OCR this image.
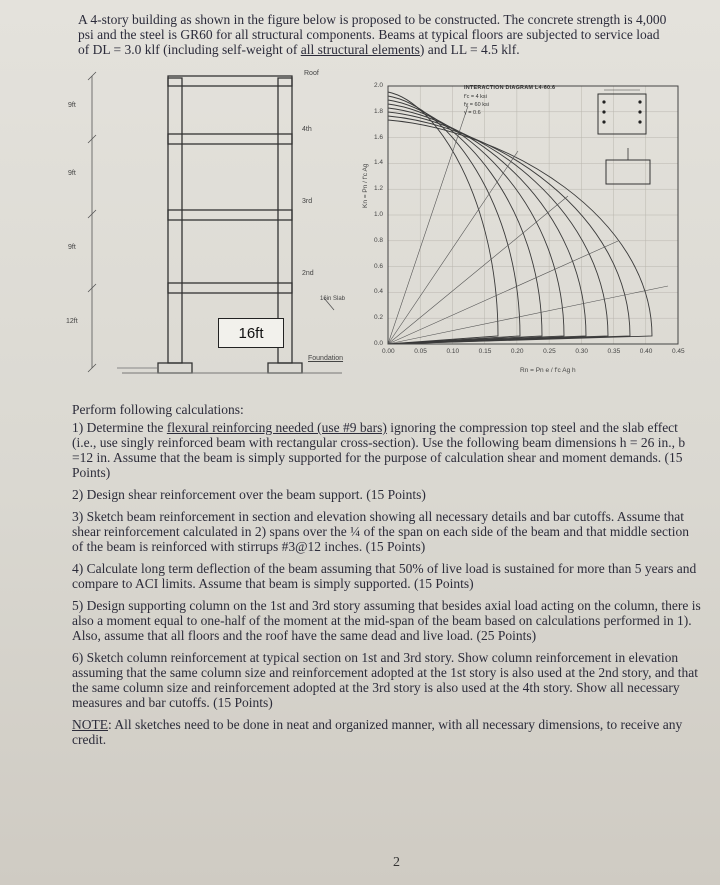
A 4-story building as shown in the figure below is proposed to be constructed. The concrete strength is 4,000 psi and the steel is GR60 for all structural components. Beams at typical floors are subjected to service load of DL = 3.0 klf (including self-weight of all structural elements) and LL = 4.5 klf.
9ft
9ft
9ft
12ft
Roof
4th
3rd
2nd
16in Slab
Foundation
16ft
INTERACTION DIAGRAM L4-60.6
f'c = 4 ksi
fy = 60 ksi
γ = 0.6
Kn = Pn / f'c Ag
Rn = Pn e / f'c Ag h
2.0
1.8
1.6
1.4
1.2
1.0
0.8
0.6
0.4
0.2
0.0
0.00	0.05	0.10	0.15	0.20	0.25	0.30	0.35	0.40	0.45

Perform following calculations:

1) Determine the flexural reinforcing needed (use #9 bars) ignoring the compression top steel and the slab effect (i.e., use singly reinforced beam with rectangular cross-section). Use the following beam dimensions h = 26 in., b =12 in. Assume that the beam is simply supported for the purpose of calculation shear and moment demands. (15 Points)

2) Design shear reinforcement over the beam support. (15 Points)

3) Sketch beam reinforcement in section and elevation showing all necessary details and bar cutoffs. Assume that shear reinforcement calculated in 2) spans over the ¼ of the span on each side of the beam and that middle section of the beam is reinforced with stirrups #3@12 inches. (15 Points)

4) Calculate long term deflection of the beam assuming that 50% of live load is sustained for more than 5 years and compare to ACI limits. Assume that beam is simply supported. (15 Points)

5) Design supporting column on the 1st and 3rd story assuming that besides axial load acting on the column, there is also a moment equal to one-half of the moment at the mid-span of the beam based on calculations performed in 1). Also, assume that all floors and the roof have the same dead and live load. (25 Points)

6) Sketch column reinforcement at typical section on 1st and 3rd story. Show column reinforcement in elevation assuming that the same column size and reinforcement adopted at the 1st story is also used at the 2nd story, and that the same column size and reinforcement adopted at the 3rd story is also used at the 4th story. Show all necessary measures and bar cutoffs. (15 Points)

NOTE: All sketches need to be done in neat and organized manner, with all necessary dimensions, to receive any credit.

2
